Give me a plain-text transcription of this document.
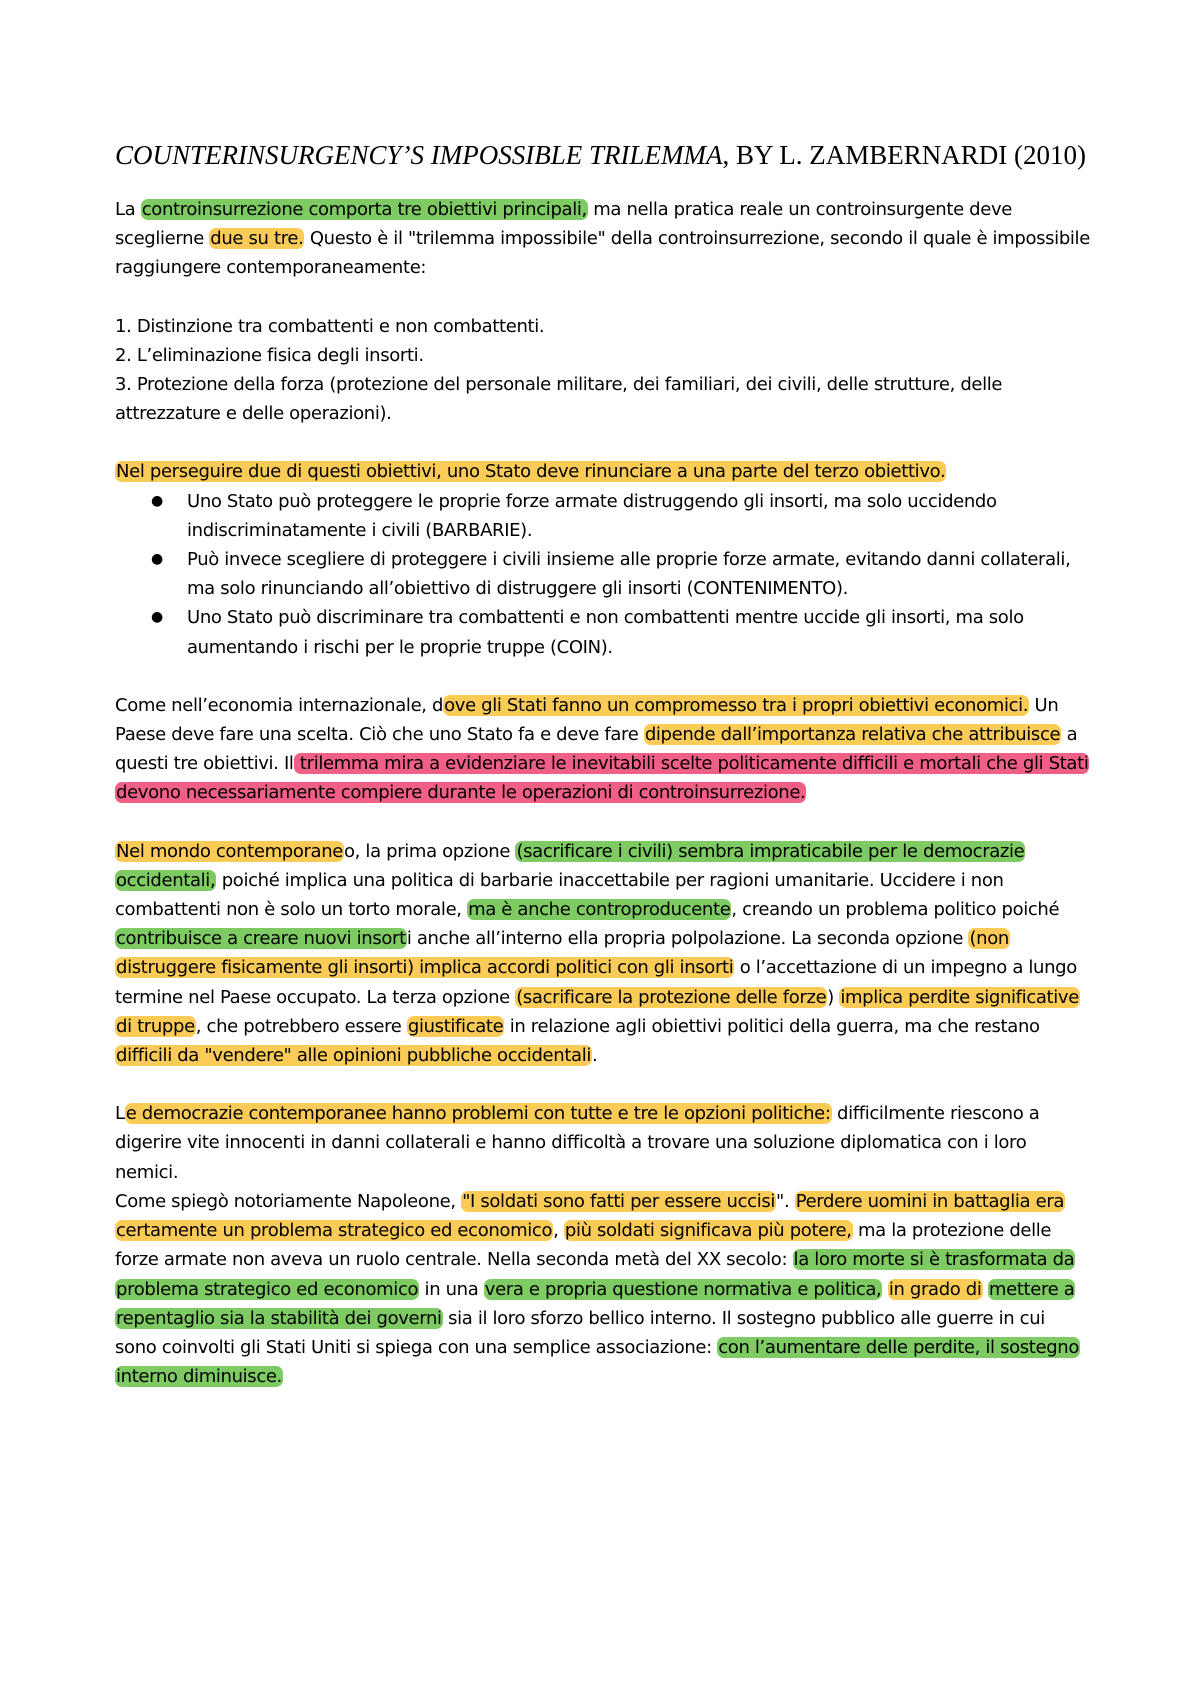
COUNTERINSURGENCY’S IMPOSSIBLE TRILEMMA, BY L. ZAMBERNARDI (2010)

La controinsurrezione comporta tre obiettivi principali, ma nella pratica reale un controinsurgente deve sceglierne due su tre. Questo è il "trilemma impossibile" della controinsurrezione, secondo il quale è impossibile raggiungere contemporaneamente:

1. Distinzione tra combattenti e non combattenti.

2. L’eliminazione fisica degli insorti.

3. Protezione della forza (protezione del personale militare, dei familiari, dei civili, delle strutture, delle attrezzature e delle operazioni).

Nel perseguire due di questi obiettivi, uno Stato deve rinunciare a una parte del terzo obiettivo.

● Uno Stato può proteggere le proprie forze armate distruggendo gli insorti, ma solo uccidendo indiscriminatamente i civili (BARBARIE).
● Può invece scegliere di proteggere i civili insieme alle proprie forze armate, evitando danni collaterali, ma solo rinunciando all’obiettivo di distruggere gli insorti (CONTENIMENTO).
● Uno Stato può discriminare tra combattenti e non combattenti mentre uccide gli insorti, ma solo aumentando i rischi per le proprie truppe (COIN).

Come nell’economia internazionale, dove gli Stati fanno un compromesso tra i propri obiettivi economici. Un Paese deve fare una scelta. Ciò che uno Stato fa e deve fare dipende dall’importanza relativa che attribuisce a questi tre obiettivi. Il trilemma mira a evidenziare le inevitabili scelte politicamente difficili e mortali che gli Stati devono necessariamente compiere durante le operazioni di controinsurrezione.

Nel mondo contemporaneo, la prima opzione (sacrificare i civili) sembra impraticabile per le democrazie occidentali, poiché implica una politica di barbarie inaccettabile per ragioni umanitarie. Uccidere i non combattenti non è solo un torto morale, ma è anche controproducente, creando un problema politico poiché contribuisce a creare nuovi insorti anche all’interno ella propria polpolazione. La seconda opzione (non distruggere fisicamente gli insorti) implica accordi politici con gli insorti o l’accettazione di un impegno a lungo termine nel Paese occupato. La terza opzione (sacrificare la protezione delle forze) implica perdite significative di truppe, che potrebbero essere giustificate in relazione agli obiettivi politici della guerra, ma che restano difficili da "vendere" alle opinioni pubbliche occidentali.

Le democrazie contemporanee hanno problemi con tutte e tre le opzioni politiche: difficilmente riescono a digerire vite innocenti in danni collaterali e hanno difficoltà a trovare una soluzione diplomatica con i loro nemici.

Come spiegò notoriamente Napoleone, "I soldati sono fatti per essere uccisi". Perdere uomini in battaglia era certamente un problema strategico ed economico, più soldati significava più potere, ma la protezione delle forze armate non aveva un ruolo centrale. Nella seconda metà del XX secolo: la loro morte si è trasformata da problema strategico ed economico in una vera e propria questione normativa e politica, in grado di mettere a repentaglio sia la stabilità dei governi sia il loro sforzo bellico interno. Il sostegno pubblico alle guerre in cui sono coinvolti gli Stati Uniti si spiega con una semplice associazione: con l’aumentare delle perdite, il sostegno interno diminuisce.
